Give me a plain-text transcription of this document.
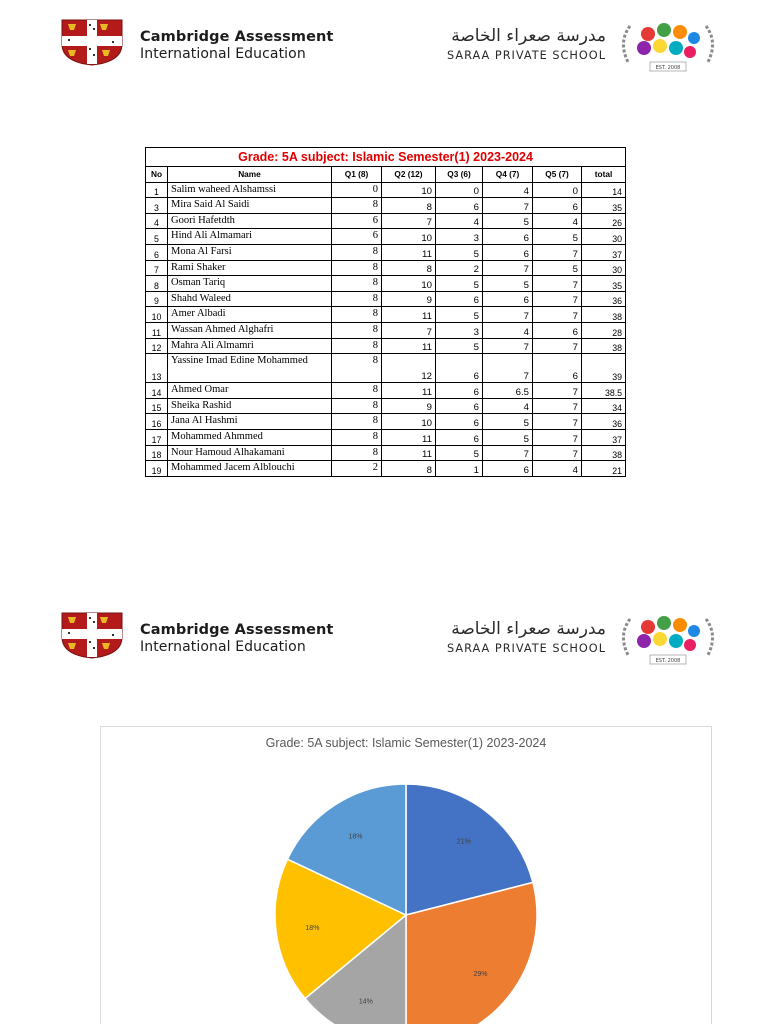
Cambridge Assessment
International Education
مدرسة صعراء الخاصة
SARAA PRIVATE SCHOOL
EST. 2008
Grade: 5A subject: Islamic Semester(1) 2023-2024							
No	Name	Q1 (8)	Q2 (12)	Q3 (6)	Q4 (7)	Q5 (7)	total
1	Salim waheed Alshamssi	0	10	0	4	0	14
3	Mira Said Al Saidi	8	8	6	7	6	35
4	Goori Hafetdth	6	7	4	5	4	26
5	Hind Ali Almamari	6	10	3	6	5	30
6	Mona Al Farsi	8	11	5	6	7	37
7	Rami Shaker	8	8	2	7	5	30
8	Osman Tariq	8	10	5	5	7	35
9	Shahd Waleed	8	9	6	6	7	36
10	Amer Albadi	8	11	5	7	7	38
11	Wassan Ahmed Alghafri	8	7	3	4	6	28
12	Mahra Ali Almamri	8	11	5	7	7	38
13	Yassine Imad Edine Mohammed	8	12	6	7	6	39
14	Ahmed Omar	8	11	6	6.5	7	38.5
15	Sheika Rashid	8	9	6	4	7	34
16	Jana Al Hashmi	8	10	6	5	7	36
17	Mohammed Ahmmed	8	11	6	5	7	37
18	Nour Hamoud Alhakamani	8	11	5	7	7	38
19	Mohammed Jacem Alblouchi	2	8	1	6	4	21
Cambridge Assessment
International Education
مدرسة صعراء الخاصة
SARAA PRIVATE SCHOOL
EST. 2008
Grade: 5A subject: Islamic Semester(1) 2023-2024
21%
29%
14%
18%
18%
